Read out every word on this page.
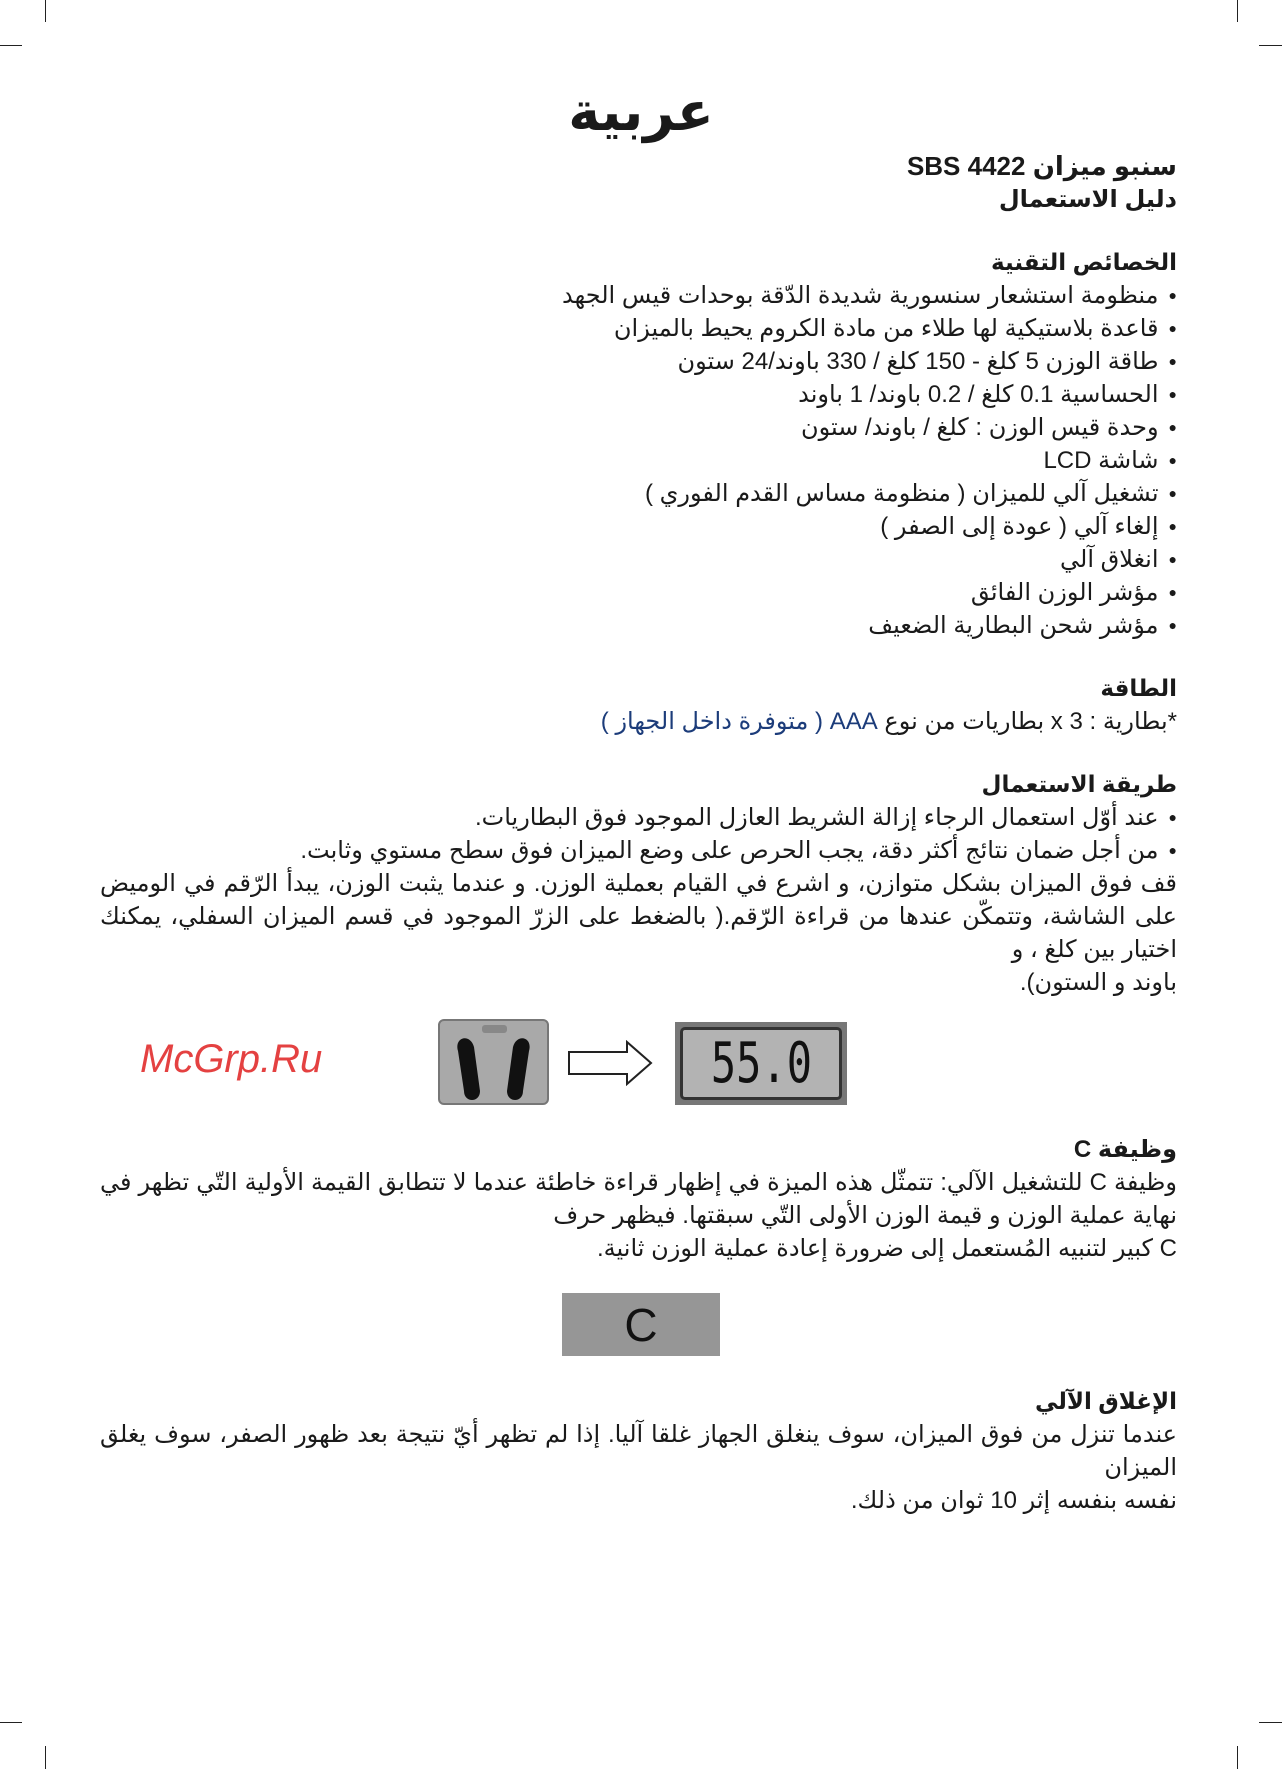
عربية
سنبو ميزان SBS 4422
دليل الاستعمال
الخصائص التقنية
● منظومة استشعار سنسورية شديدة الدّقة بوحدات قيس الجهد
● قاعدة بلاستيكية لها طلاء من مادة الكروم يحيط بالميزان
● طاقة الوزن 5 كلغ - 150 كلغ / 330 باوند/24 ستون
● الحساسية 0.1 كلغ / 0.2 باوند/ 1 باوند
● وحدة قيس الوزن : كلغ / باوند/ ستون
● شاشة LCD
● تشغيل آلي للميزان ( منظومة مساس القدم الفوري )
● إلغاء آلي ( عودة إلى الصفر )
● انغلاق آلي
● مؤشر الوزن الفائق
● مؤشر شحن البطارية الضعيف
الطاقة
*بطارية : 3 x بطاريات من نوع AAA ( متوفرة داخل الجهاز )
طريقة الاستعمال
● عند أوّل استعمال الرجاء إزالة الشريط العازل الموجود فوق البطاريات.
● من أجل ضمان نتائج أكثر دقة، يجب الحرص على وضع الميزان فوق سطح مستوي وثابت.
قف فوق الميزان بشكل متوازن، و اشرع في القيام بعملية الوزن. و عندما يثبت الوزن، يبدأ الرّقم في الوميض على الشاشة، وتتمكّن عندها من قراءة الرّقم.( بالضغط على الزرّ الموجود في قسم الميزان السفلي، يمكنك اختيار بين كلغ ، و
باوند و الستون).
55.0
McGrp.Ru
وظيفة C
وظيفة C للتشغيل الآلي: تتمثّل هذه الميزة في إظهار قراءة خاطئة عندما لا تتطابق القيمة الأولية التّي تظهر في نهاية عملية الوزن و قيمة الوزن الأولى التّي سبقتها. فيظهر حرف
C كبير لتنبيه المُستعمل إلى ضرورة إعادة عملية الوزن ثانية.
C
الإغلاق الآلي
عندما تنزل من فوق الميزان، سوف ينغلق الجهاز غلقا آليا. إذا لم تظهر أيّ نتيجة بعد ظهور الصفر، سوف يغلق الميزان
نفسه بنفسه إثر 10 ثوان من ذلك.
